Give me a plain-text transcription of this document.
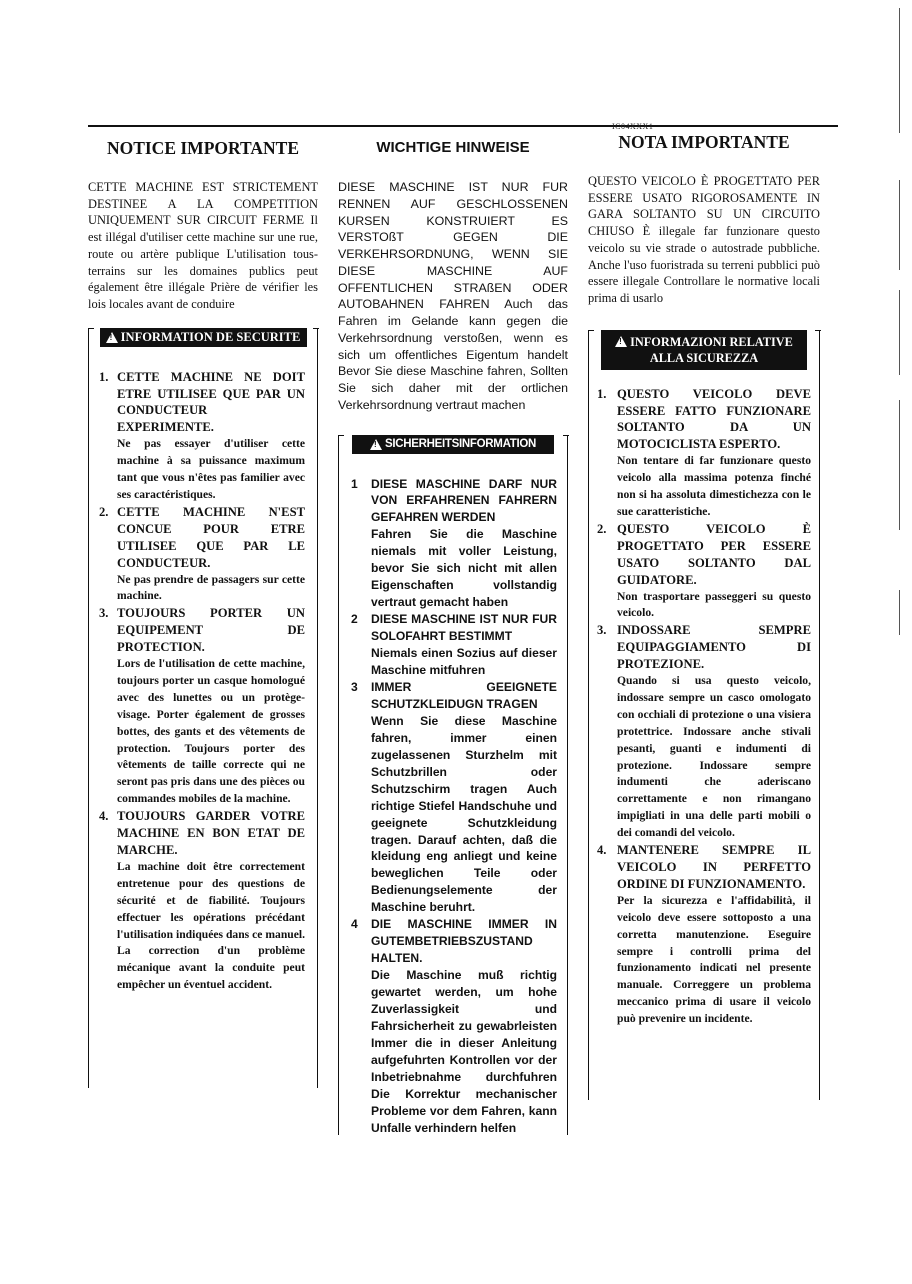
NOTICE IMPORTANTE

CETTE MACHINE EST STRICTEMENT DESTINEE A LA COMPETITION UNIQUEMENT SUR CIRCUIT FERME Il est illégal d'utiliser cette machine sur une rue, route ou artère publique L'utilisation tous-terrains sur les domaines publics peut également être illégale Prière de vérifier les lois locales avant de conduire

!
INFORMATION DE SECURITE
1. CETTE MACHINE NE DOIT ETRE UTILISEE QUE PAR UN CONDUCTEUR EXPERIMENTE.

Ne pas essayer d'utiliser cette machine à sa puissance maximum tant que vous n'êtes pas familier avec ses caractéristiques.

2. CETTE MACHINE N'EST CONCUE POUR ETRE UTILISEE QUE PAR LE CONDUCTEUR.

Ne pas prendre de passagers sur cette machine.

3. TOUJOURS PORTER UN EQUIPEMENT DE PROTECTION.

Lors de l'utilisation de cette machine, toujours porter un casque homologué avec des lunettes ou un protège-visage. Porter également de grosses bottes, des gants et des vêtements de protection. Toujours porter des vêtements de taille correcte qui ne seront pas pris dans une des pièces ou commandes mobiles de la machine.

4. TOUJOURS GARDER VOTRE MACHINE EN BON ETAT DE MARCHE.

La machine doit être correctement entretenue pour des questions de sécurité et de fiabilité. Toujours effectuer les opérations précédant l'utilisation indiquées dans ce manuel. La correction d'un problème mécanique avant la conduite peut empêcher un éventuel accident.

WICHTIGE HINWEISE

DIESE MASCHINE IST NUR FUR RENNEN AUF GESCHLOSSENEN KURSEN KONSTRUIERT ES VERSTOßT GEGEN DIE VERKEHRSORDNUNG, WENN SIE DIESE MASCHINE AUF OFFENTLICHEN STRAßEN ODER AUTOBAHNEN FAHREN Auch das Fahren im Gelande kann gegen die Verkehrsordnung verstoßen, wenn es sich um offentliches Eigentum handelt Bevor Sie diese Maschine fahren, Sollten Sie sich daher mit der ortlichen Verkehrsordnung vertraut machen

!
SICHERHEITSINFORMATION
1 DIESE MASCHINE DARF NUR VON ERFAHRENEN FAHRERN GEFAHREN WERDEN

Fahren Sie die Maschine niemals mit voller Leistung, bevor Sie sich nicht mit allen Eigenschaften vollstandig vertraut gemacht haben

2 DIESE MASCHINE IST NUR FUR SOLOFAHRT BESTIMMT

Niemals einen Sozius auf dieser Maschine mitfuhren

3 IMMER GEEIGNETE SCHUTZKLEIDUGN TRAGEN

Wenn Sie diese Maschine fahren, immer einen zugelassenen Sturzhelm mit Schutzbrillen oder Schutzschirm tragen Auch richtige Stiefel Handschuhe und geeignete Schutzkleidung tragen. Darauf achten, daß die kleidung eng anliegt und keine beweglichen Teile oder Bedienungselemente der Maschine beruhrt.

4 DIE MASCHINE IMMER IN GUTEMBETRIEBSZUSTAND HALTEN.

Die Maschine muß richtig gewartet werden, um hohe Zuverlassigkeit und Fahrsicherheit zu gewabrleisten Immer die in dieser Anleitung aufgefuhrten Kontrollen vor der Inbetriebnahme durchfuhren Die Korrektur mechanischer Probleme vor dem Fahren, kann Unfalle verhindern helfen

IC04XXX1
NOTA IMPORTANTE

QUESTO VEICOLO È PROGETTATO PER ESSERE USATO RIGOROSAMENTE IN GARA SOLTANTO SU UN CIRCUITO CHIUSO È illegale far funzionare questo veicolo su vie strade o autostrade pubbliche. Anche l'uso fuoristrada su terreni pubblici può essere illegale Controllare le normative locali prima di usarlo

!
INFORMAZIONI RELATIVE
ALLA SICUREZZA
1. QUESTO VEICOLO DEVE ESSERE FATTO FUNZIONARE SOLTANTO DA UN MOTOCICLISTA ESPERTO.

Non tentare di far funzionare questo veicolo alla massima potenza finché non si ha assoluta dimestichezza con le sue caratteristiche.

2. QUESTO VEICOLO È PROGETTATO PER ESSERE USATO SOLTANTO DAL GUIDATORE.

Non trasportare passeggeri su questo veicolo.

3. INDOSSARE SEMPRE EQUIPAGGIAMENTO DI PROTEZIONE.

Quando si usa questo veicolo, indossare sempre un casco omologato con occhiali di protezione o una visiera protettrice. Indossare anche stivali pesanti, guanti e indumenti di protezione. Indossare sempre indumenti che aderiscano correttamente e non rimangano impigliati in una delle parti mobili o dei comandi del veicolo.

4. MANTENERE SEMPRE IL VEICOLO IN PERFETTO ORDINE DI FUNZIONAMENTO.

Per la sicurezza e l'affidabilità, il veicolo deve essere sottoposto a una corretta manutenzione. Eseguire sempre i controlli prima del funzionamento indicati nel presente manuale. Correggere un problema meccanico prima di usare il veicolo può prevenire un incidente.
